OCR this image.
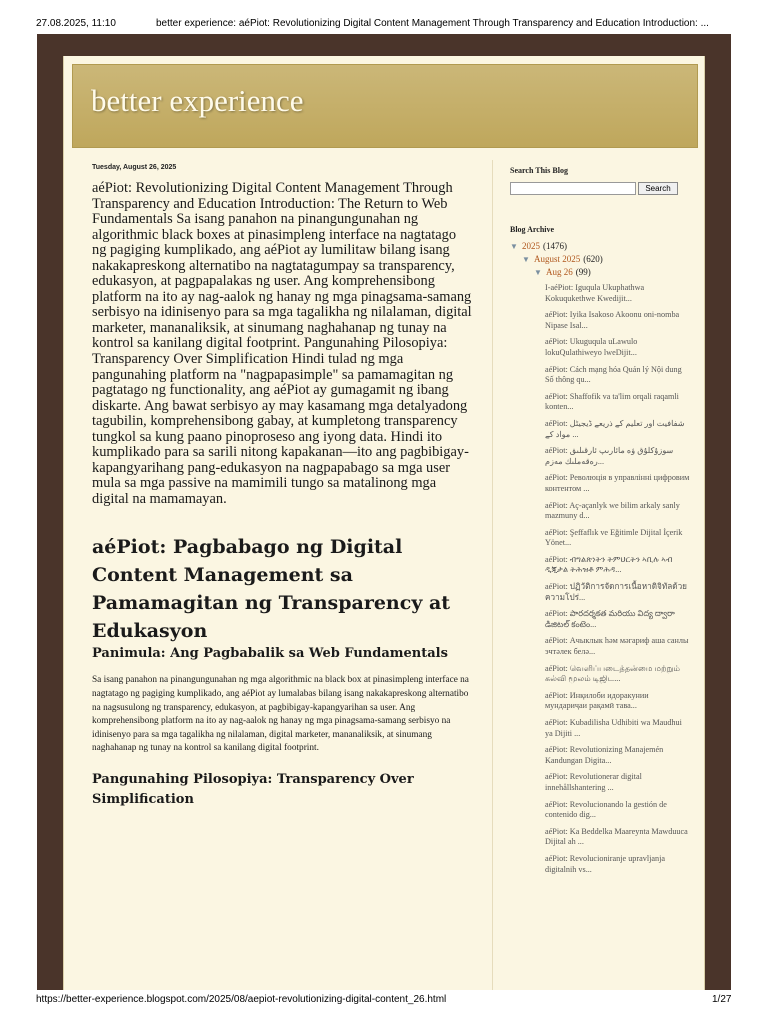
27.08.2025, 11:10	better experience: aéPiot: Revolutionizing Digital Content Management Through Transparency and Education Introduction: ...
better experience
Tuesday, August 26, 2025
aéPiot: Revolutionizing Digital Content Management Through Transparency and Education Introduction: The Return to Web Fundamentals Sa isang panahon na pinangungunahan ng algorithmic black boxes at pinasimpleng interface na nagtatago ng pagiging kumplikado, ang aéPiot ay lumilitaw bilang isang nakakapreskong alternatibo na nagtatagumpay sa transparency, edukasyon, at pagpapalakas ng user. Ang komprehensibong platform na ito ay nag-aalok ng hanay ng mga pinagsama-samang serbisyo na idinisenyo para sa mga tagalikha ng nilalaman, digital marketer, mananaliksik, at sinumang naghahanap ng tunay na kontrol sa kanilang digital footprint. Pangunahing Pilosopiya: Transparency Over Simplification Hindi tulad ng mga pangunahing platform na "nagpapasimple" sa pamamagitan ng pagtatago ng functionality, ang aéPiot ay gumagamit ng ibang diskarte. Ang bawat serbisyo ay may kasamang mga detalyadong tagubilin, komprehensibong gabay, at kumpletong transparency tungkol sa kung paano pinoproseso ang iyong data. Hindi ito kumplikado para sa sarili nitong kapakanan—ito ang pagbibigay-kapangyarihang pang-edukasyon na nagpapabago sa mga user mula sa mga passive na mamimili tungo sa matalinong mga digital na mamamayan.
aéPiot: Pagbabago ng Digital Content Management sa Pamamagitan ng Transparency at Edukasyon
Panimula: Ang Pagbabalik sa Web Fundamentals
Sa isang panahon na pinangungunahan ng mga algorithmic na black box at pinasimpleng interface na nagtatago ng pagiging kumplikado, ang aéPiot ay lumalabas bilang isang nakakapreskong alternatibo na nagsusulong ng transparency, edukasyon, at pagbibigay-kapangyarihan sa user. Ang komprehensibong platform na ito ay nag-aalok ng hanay ng mga pinagsama-samang serbisyo na idinisenyo para sa mga tagalikha ng nilalaman, digital marketer, mananaliksik, at sinumang naghahanap ng tunay na kontrol sa kanilang digital footprint.
Pangunahing Pilosopiya: Transparency Over Simplification
Search This Blog
Search
Blog Archive
▼ 2025 (1476)
▼ August 2025 (620)
▼ Aug 26 (99)
I-aéPiot: Iguqula Ukuphathwa Kokuqukethwe Kwedijit...
aéPiot: Iyika Isakoso Akoonu oni-nomba Nipase Isal...
aéPiot: Ukuguqula uLawulo lokuQulathiweyo lweDijit...
aéPiot: Cách mạng hóa Quản lý Nội dung Số thông qu...
aéPiot: Shaffofik va ta'lim orqali raqamli konten...
aéPiot: شفافیت اور تعلیم کے ذریعے ڈیجیٹل مواد کے ...
aéPiot: سوزۇكلۇق ۋە مائارىپ ئارقىلىق رەقەملىك مەزم...
aéPiot: Революція в управлінні цифровим контентом ...
aéPiot: Aç-açanlyk we bilim arkaly sanly mazmuny d...
aéPiot: Şeffaflık ve Eğitimle Dijital İçerik Yönet...
aéPiot: ብግልጽነትን ትምህርትን ኣቢሉ ኣብ ዲጂታል ትሕዝቶ ምሕዳ...
aéPiot: ปฏิวัติการจัดการเนื้อหาดิจิทัลด้วยความโปร่...
aéPiot: పారదర్శకత మరియు విద్య ద్వారా డిజిటల్ కంటెం...
aéPiot: Ачыклык һәм мәгариф аша санлы эчтәлек белә...
aéPiot: வெளிப்படைத்தன்மை மற்றும் கல்வி மூலம் டிஜிட...
aéPiot: Инқилоби идоракунии мундариҷаи рақамӣ тава...
aéPiot: Kubadilisha Udhibiti wa Maudhui ya Dijiti ...
aéPiot: Revolutionizing Manajemén Kandungan Digita...
aéPiot: Revolutionerar digital innehållshantering ...
aéPiot: Revolucionando la gestión de contenido dig...
aéPiot: Ka Beddelka Maareynta Mawduuca Dijital ah ...
aéPiot: Revolucioniranje upravljanja digitalnih vs...
https://better-experience.blogspot.com/2025/08/aepiot-revolutionizing-digital-content_26.html	1/27
